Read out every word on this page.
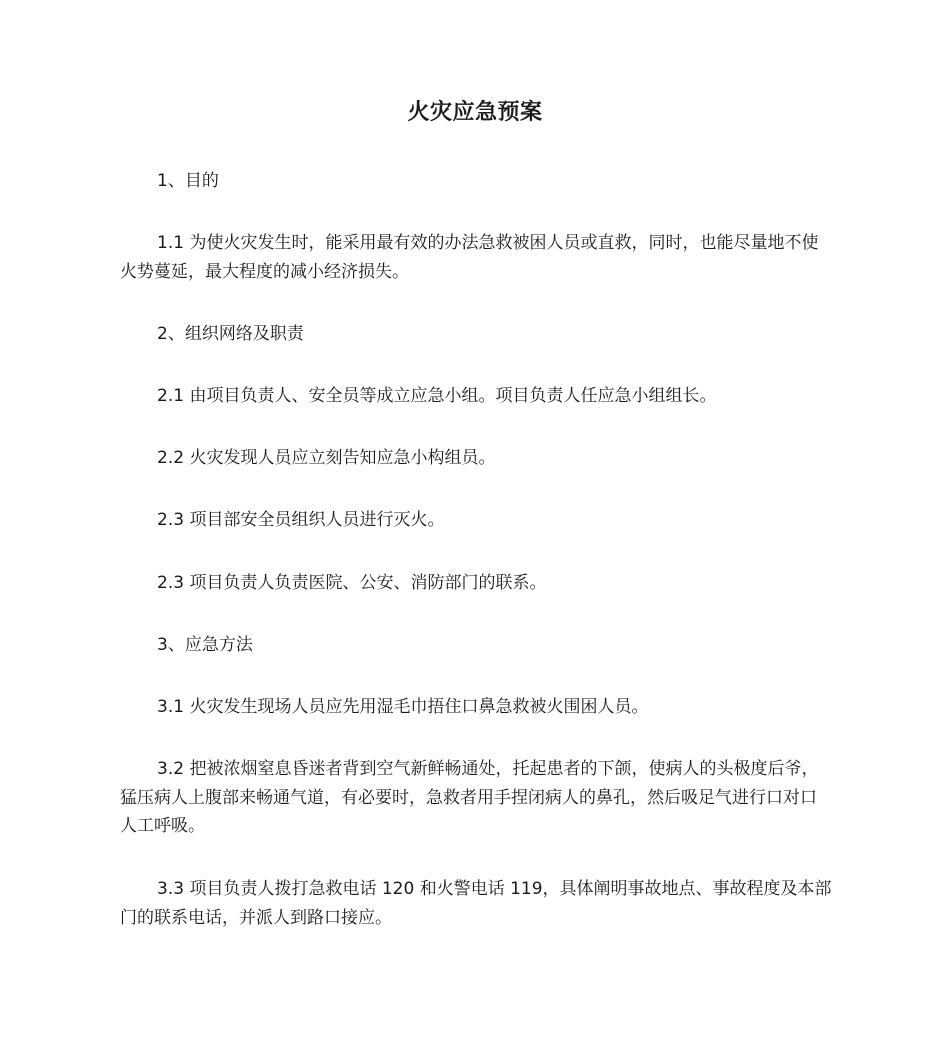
火灾应急预案

1、目的

1.1 为使火灾发生时，能采用最有效的办法急救被困人员或直救，同时，也能尽量地不使火势蔓延，最大程度的减小经济损失。

2、组织网络及职责

2.1 由项目负责人、安全员等成立应急小组。项目负责人任应急小组组长。

2.2 火灾发现人员应立刻告知应急小构组员。

2.3 项目部安全员组织人员进行灭火。

2.3 项目负责人负责医院、公安、消防部门的联系。

3、应急方法

3.1 火灾发生现场人员应先用湿毛巾捂住口鼻急救被火围困人员。

3.2 把被浓烟窒息昏迷者背到空气新鲜畅通处，托起患者的下颌，使病人的头极度后爷，猛压病人上腹部来畅通气道，有必要时，急救者用手捏闭病人的鼻孔，然后吸足气进行口对口人工呼吸。

3.3 项目负责人拨打急救电话 120 和火警电话 119，具体阐明事故地点、事故程度及本部门的联系电话，并派人到路口接应。
